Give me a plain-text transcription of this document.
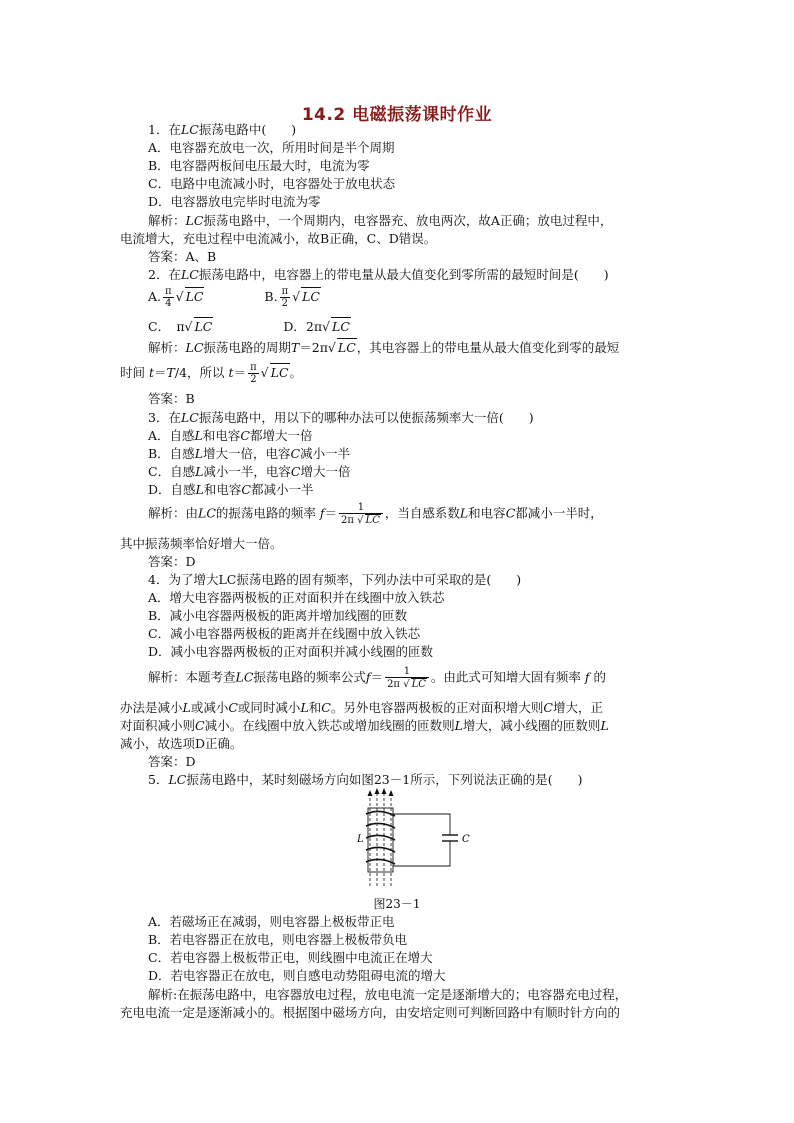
14.2 电磁振荡课时作业
1．在LC振荡电路中(　　)
A．电容器充放电一次，所用时间是半个周期
B．电容器两板间电压最大时，电流为零
C．电路中电流减小时，电容器处于放电状态
D．电容器放电完毕时电流为零
解析：LC振荡电路中，一个周期内，电容器充、放电两次，故A正确；放电过程中，
电流增大，充电过程中电流减小，故B正确，C、D错误。
答案：A、B
2．在LC振荡电路中，电容器上的带电量从最大值变化到零所需的最短时间是(　　)
A. $\frac{\pi}{4}$ √ LC	B. $\frac{\pi}{2}$ √ LC
C．　π√ LC	D．2π√ LC
解析：LC振荡电路的周期T＝2π√ LC，其电容器上的带电量从最大值变化到零的最短
时间 t＝T/4，所以 $t= \frac{\pi}{2}$ √ LC。
答案：B
3．在LC振荡电路中，用以下的哪种办法可以使振荡频率大一倍(　　)
A．自感L和电容C都增大一倍
B．自感L增大一倍，电容C减小一半
C．自感L减小一半，电容C增大一倍
D．自感L和电容C都减小一半
解析：由LC的振荡电路的频率 $f= \frac{1}{2\pi √ LC}$ ，当自感系数L和电容C都减小一半时，
其中振荡频率恰好增大一倍。
答案：D
4．为了增大LC振荡电路的固有频率，下列办法中可采取的是(　　)
A．增大电容器两极板的正对面积并在线圈中放入铁芯
B．减小电容器两极板的距离并增加线圈的匝数
C．减小电容器两极板的距离并在线圈中放入铁芯
D．减小电容器两极板的正对面积并减小线圈的匝数
解析：本题考查LC振荡电路的频率公式$f= \frac{1}{2\pi √ LC}$ 。由此式可知增大固有频率 f 的
办法是减小L或减小C或同时减小L和C。另外电容器两极板的正对面积增大则C增大，正
对面积减小则C减小。在线圈中放入铁芯或增加线圈的匝数则L增大，减小线圈的匝数则L
减小，故选项D正确。
答案：D
5．LC振荡电路中，某时刻磁场方向如图23－1所示，下列说法正确的是(　　)
L	C
图23－1
A．若磁场正在减弱，则电容器上极板带正电
B．若电容器正在放电，则电容器上极板带负电
C．若电容器上极板带正电，则线圈中电流正在增大
D．若电容器正在放电，则自感电动势阻碍电流的增大
解析:在振荡电路中，电容器放电过程，放电电流一定是逐渐增大的；电容器充电过程，
充电电流一定是逐渐减小的。根据图中磁场方向，由安培定则可判断回路中有顺时针方向的
